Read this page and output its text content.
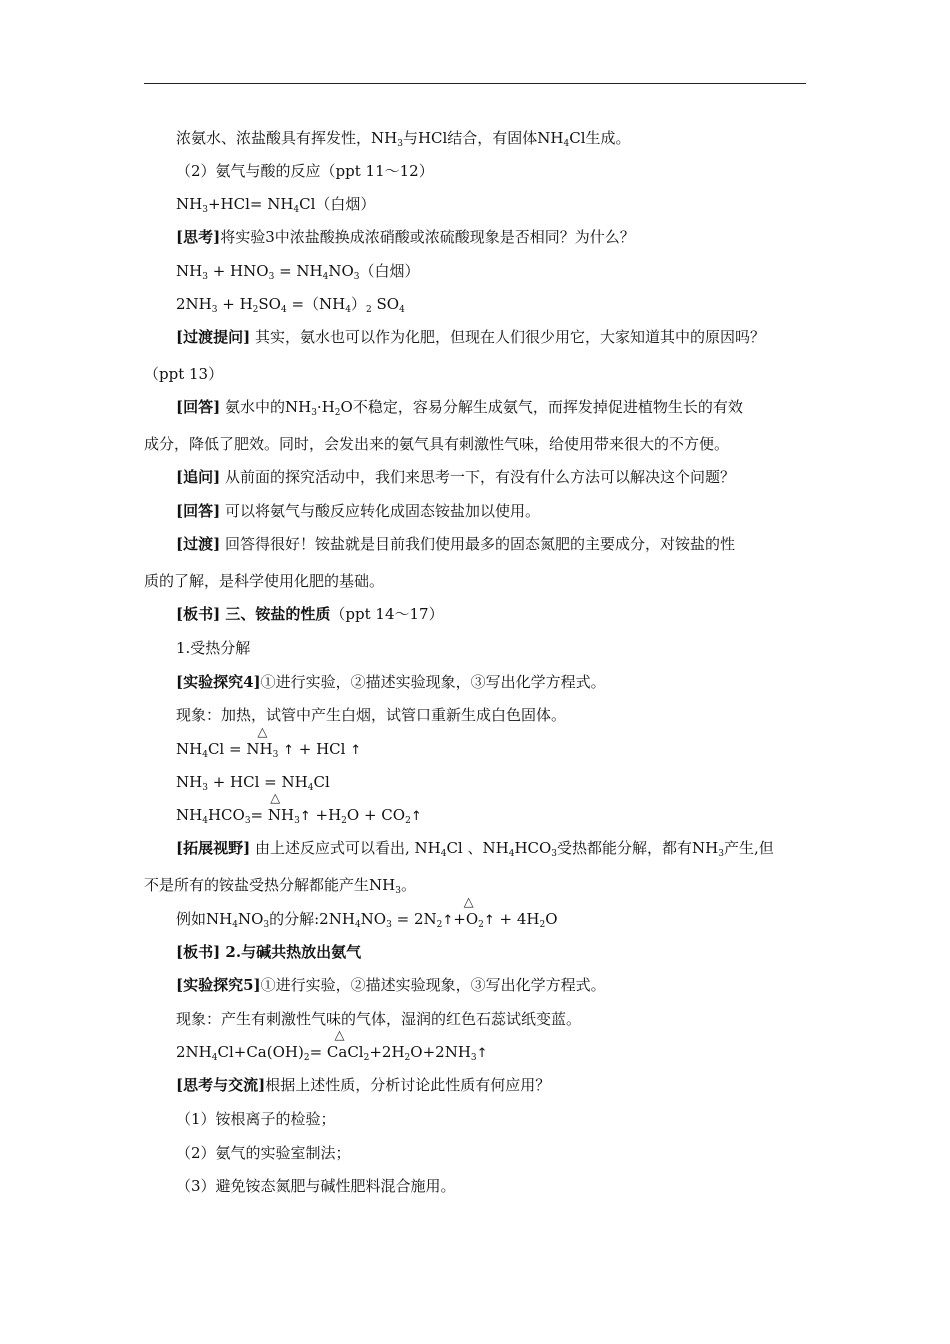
浓氨水、浓盐酸具有挥发性，$NH_3$与HCl结合，有固体$NH_4Cl$生成。
（2）氨气与酸的反应（ppt 11～12）
$NH_3+HCl= NH_4Cl$（白烟）
[思考]将实验3中浓盐酸换成浓硝酸或浓硫酸现象是否相同？为什么？
$NH_3 + HNO_3 = NH_4NO_3$（白烟）
$2NH_3 + H_2SO_4 =(NH_4)_2$ $SO_4$
[过渡提问] 其实，氨水也可以作为化肥，但现在人们很少用它，大家知道其中的原因吗？
（ppt 13）
[回答] 氨水中的$NH_3\cdot H_2O$不稳定，容易分解生成氨气，而挥发掉促进植物生长的有效
成分，降低了肥效。同时，会发出来的氨气具有刺激性气味，给使用带来很大的不方便。
[追问] 从前面的探究活动中，我们来思考一下，有没有什么方法可以解决这个问题？
[回答] 可以将氨气与酸反应转化成固态铵盐加以使用。
[过渡] 回答得很好！铵盐就是目前我们使用最多的固态氮肥的主要成分，对铵盐的性
质的了解，是科学使用化肥的基础。
[板书] 三、铵盐的性质（ppt 14～17）
1.受热分解
[实验探究4]①进行实验，②描述实验现象，③写出化学方程式。
现象：加热，试管中产生白烟，试管口重新生成白色固体。
$NH_4Cl$ =
△
$NH_3$ ↑ + HCl ↑
$NH_3$ + HCl = $NH_4Cl$
$NH_4HCO_3$
△
= $NH_3↑ +H_2O$ + $CO_2↑$
[拓展视野] 由上述反应式可以看出, $NH_4Cl$ 、$NH_4HCO_3$受热都能分解，都有$NH_3$产生,但
不是所有的铵盐受热分解都能产生$NH_3$。
例如$NH_4NO_3$的分解$:2NH_4NO_3$ = $2N_2↑$
△
$+O_2↑ + 4H_2O$
[板书] 2.与碱共热放出氨气
[实验探究5]①进行实验，②描述实验现象，③写出化学方程式。
现象：产生有刺激性气味的气体，湿润的红色石蕊试纸变蓝。
$2NH_4Cl+Ca(OH)_2$
△
= $CaCl_2+2H_2O+2NH_3↑$
[思考与交流]根据上述性质，分析讨论此性质有何应用？
（1）铵根离子的检验；
（2）氨气的实验室制法；
（3）避免铵态氮肥与碱性肥料混合施用。
